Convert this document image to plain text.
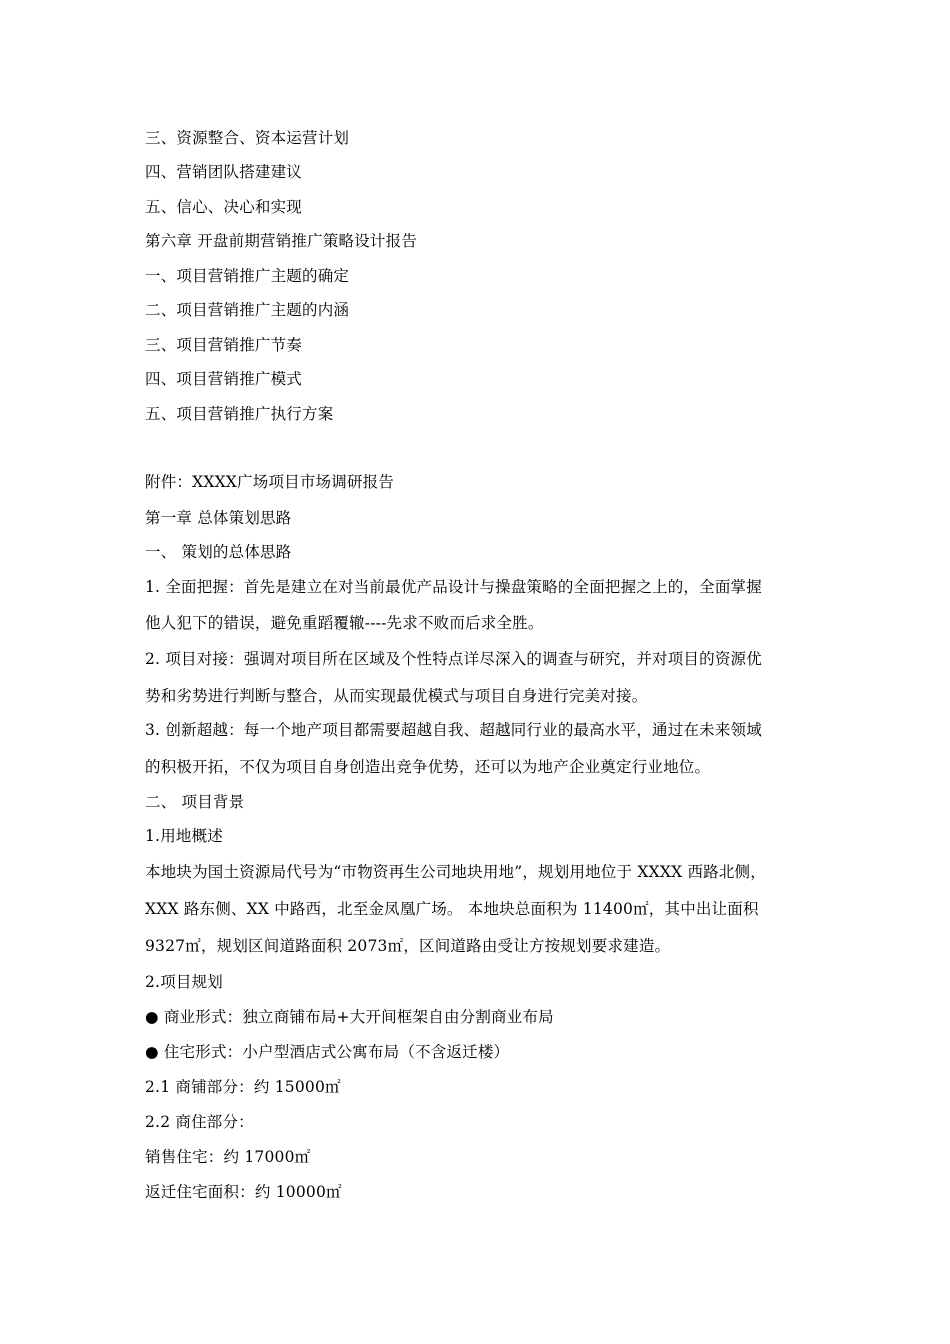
三、资源整合、资本运营计划
四、营销团队搭建建议
五、信心、决心和实现
第六章 开盘前期营销推广策略设计报告
一、项目营销推广主题的确定
二、项目营销推广主题的内涵
三、项目营销推广节奏
四、项目营销推广模式
五、项目营销推广执行方案
附件：XXXX广场项目市场调研报告
第一章 总体策划思路
一、 策划的总体思路
1. 全面把握：首先是建立在对当前最优产品设计与操盘策略的全面把握之上的，全面掌握
他人犯下的错误，避免重蹈覆辙----先求不败而后求全胜。
2. 项目对接：强调对项目所在区域及个性特点详尽深入的调查与研究，并对项目的资源优
势和劣势进行判断与整合，从而实现最优模式与项目自身进行完美对接。
3. 创新超越：每一个地产项目都需要超越自我、超越同行业的最高水平，通过在未来领域
的积极开拓，不仅为项目自身创造出竞争优势，还可以为地产企业奠定行业地位。
二、 项目背景
1.用地概述
本地块为国土资源局代号为“市物资再生公司地块用地”，规划用地位于 XXXX 西路北侧，
XXX 路东侧、XX 中路西，北至金凤凰广场。 本地块总面积为 11400㎡，其中出让面积
9327㎡，规划区间道路面积 2073㎡，区间道路由受让方按规划要求建造。
2.项目规划
● 商业形式：独立商铺布局+大开间框架自由分割商业布局
● 住宅形式：小户型酒店式公寓布局（不含返迁楼）
2.1 商铺部分：约 15000㎡
2.2 商住部分：
销售住宅：约 17000㎡
返迁住宅面积：约 10000㎡
